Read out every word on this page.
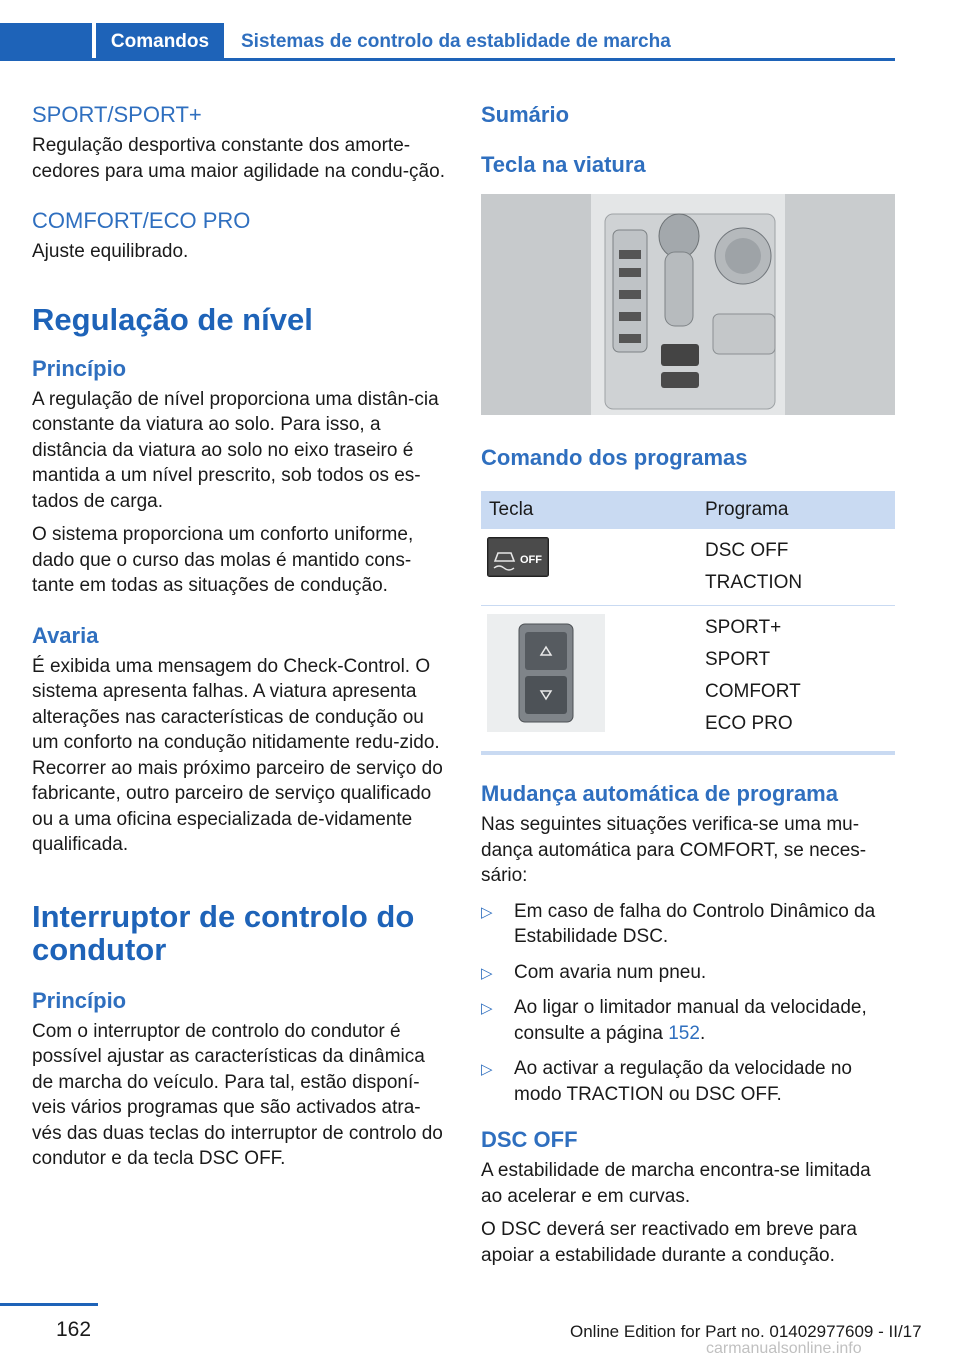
Comandos	Sistemas de controlo da establidade de marcha
SPORT/SPORT+
Regulação desportiva constante dos amorte-cedores para uma maior agilidade na condu-ção.
COMFORT/ECO PRO
Ajuste equilibrado.
Regulação de nível
Princípio
A regulação de nível proporciona uma distân-cia constante da viatura ao solo. Para isso, a distância da viatura ao solo no eixo traseiro é mantida a um nível prescrito, sob todos os es-tados de carga.
O sistema proporciona um conforto uniforme, dado que o curso das molas é mantido cons-tante em todas as situações de condução.
Avaria
É exibida uma mensagem do Check-Control. O sistema apresenta falhas. A viatura apresenta alterações nas características de condução ou um conforto na condução nitidamente redu-zido. Recorrer ao mais próximo parceiro de serviço do fabricante, outro parceiro de serviço qualificado ou a uma oficina especializada de-vidamente qualificada.
Interruptor de controlo do condutor
Princípio
Com o interruptor de controlo do condutor é possível ajustar as características da dinâmica de marcha do veículo. Para tal, estão disponí-veis vários programas que são activados atra-vés das duas teclas do interruptor de controlo do condutor e da tecla DSC OFF.
Sumário
Tecla na viatura
Comando dos programas
Tecla	Programa

OFF	DSC OFF
TRACTION

SPORT+
SPORT
COMFORT
ECO PRO
Mudança automática de programa
Nas seguintes situações verifica-se uma mu-dança automática para COMFORT, se neces-sário:
▷ Em caso de falha do Controlo Dinâmico da Estabilidade DSC.
▷ Com avaria num pneu.
▷ Ao ligar o limitador manual da velocidade, consulte a página 152.
▷ Ao activar a regulação da velocidade no modo TRACTION ou DSC OFF.
DSC OFF
A estabilidade de marcha encontra-se limitada ao acelerar e em curvas.
O DSC deverá ser reactivado em breve para apoiar a estabilidade durante a condução.
162	Online Edition for Part no. 01402977609 - II/17
carmanualsonline.info
